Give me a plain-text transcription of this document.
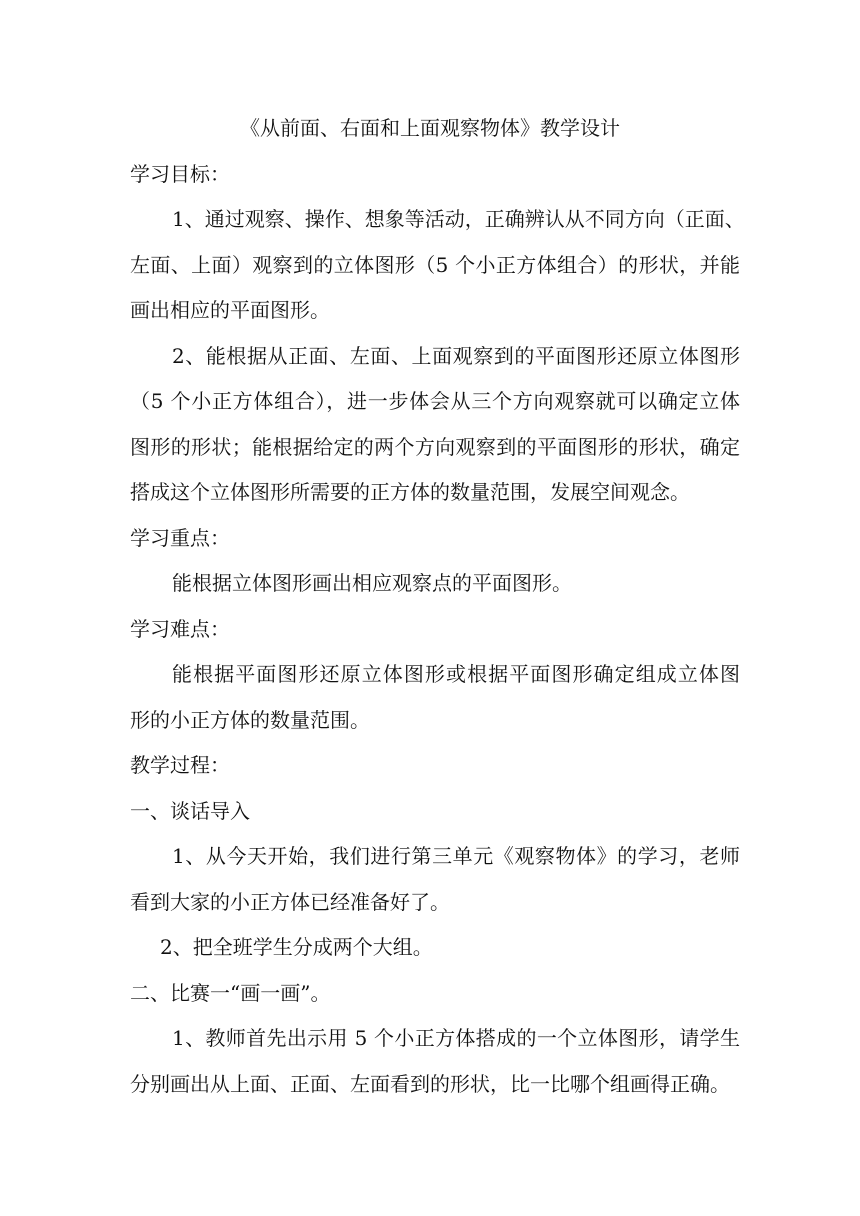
《从前面、右面和上面观察物体》教学设计
学习目标：
1、通过观察、操作、想象等活动，正确辨认从不同方向（正面、
左面、上面）观察到的立体图形（5 个小正方体组合）的形状，并能
画出相应的平面图形。
2、能根据从正面、左面、上面观察到的平面图形还原立体图形
（5 个小正方体组合），进一步体会从三个方向观察就可以确定立体
图形的形状；能根据给定的两个方向观察到的平面图形的形状，确定
搭成这个立体图形所需要的正方体的数量范围，发展空间观念。
学习重点：
能根据立体图形画出相应观察点的平面图形。
学习难点：
能根据平面图形还原立体图形或根据平面图形确定组成立体图
形的小正方体的数量范围。
教学过程：
一、谈话导入
1、从今天开始，我们进行第三单元《观察物体》的学习，老师
看到大家的小正方体已经准备好了。
2、把全班学生分成两个大组。
二、比赛一“画一画”。
1、教师首先出示用 5 个小正方体搭成的一个立体图形，请学生
分别画出从上面、正面、左面看到的形状，比一比哪个组画得正确。
